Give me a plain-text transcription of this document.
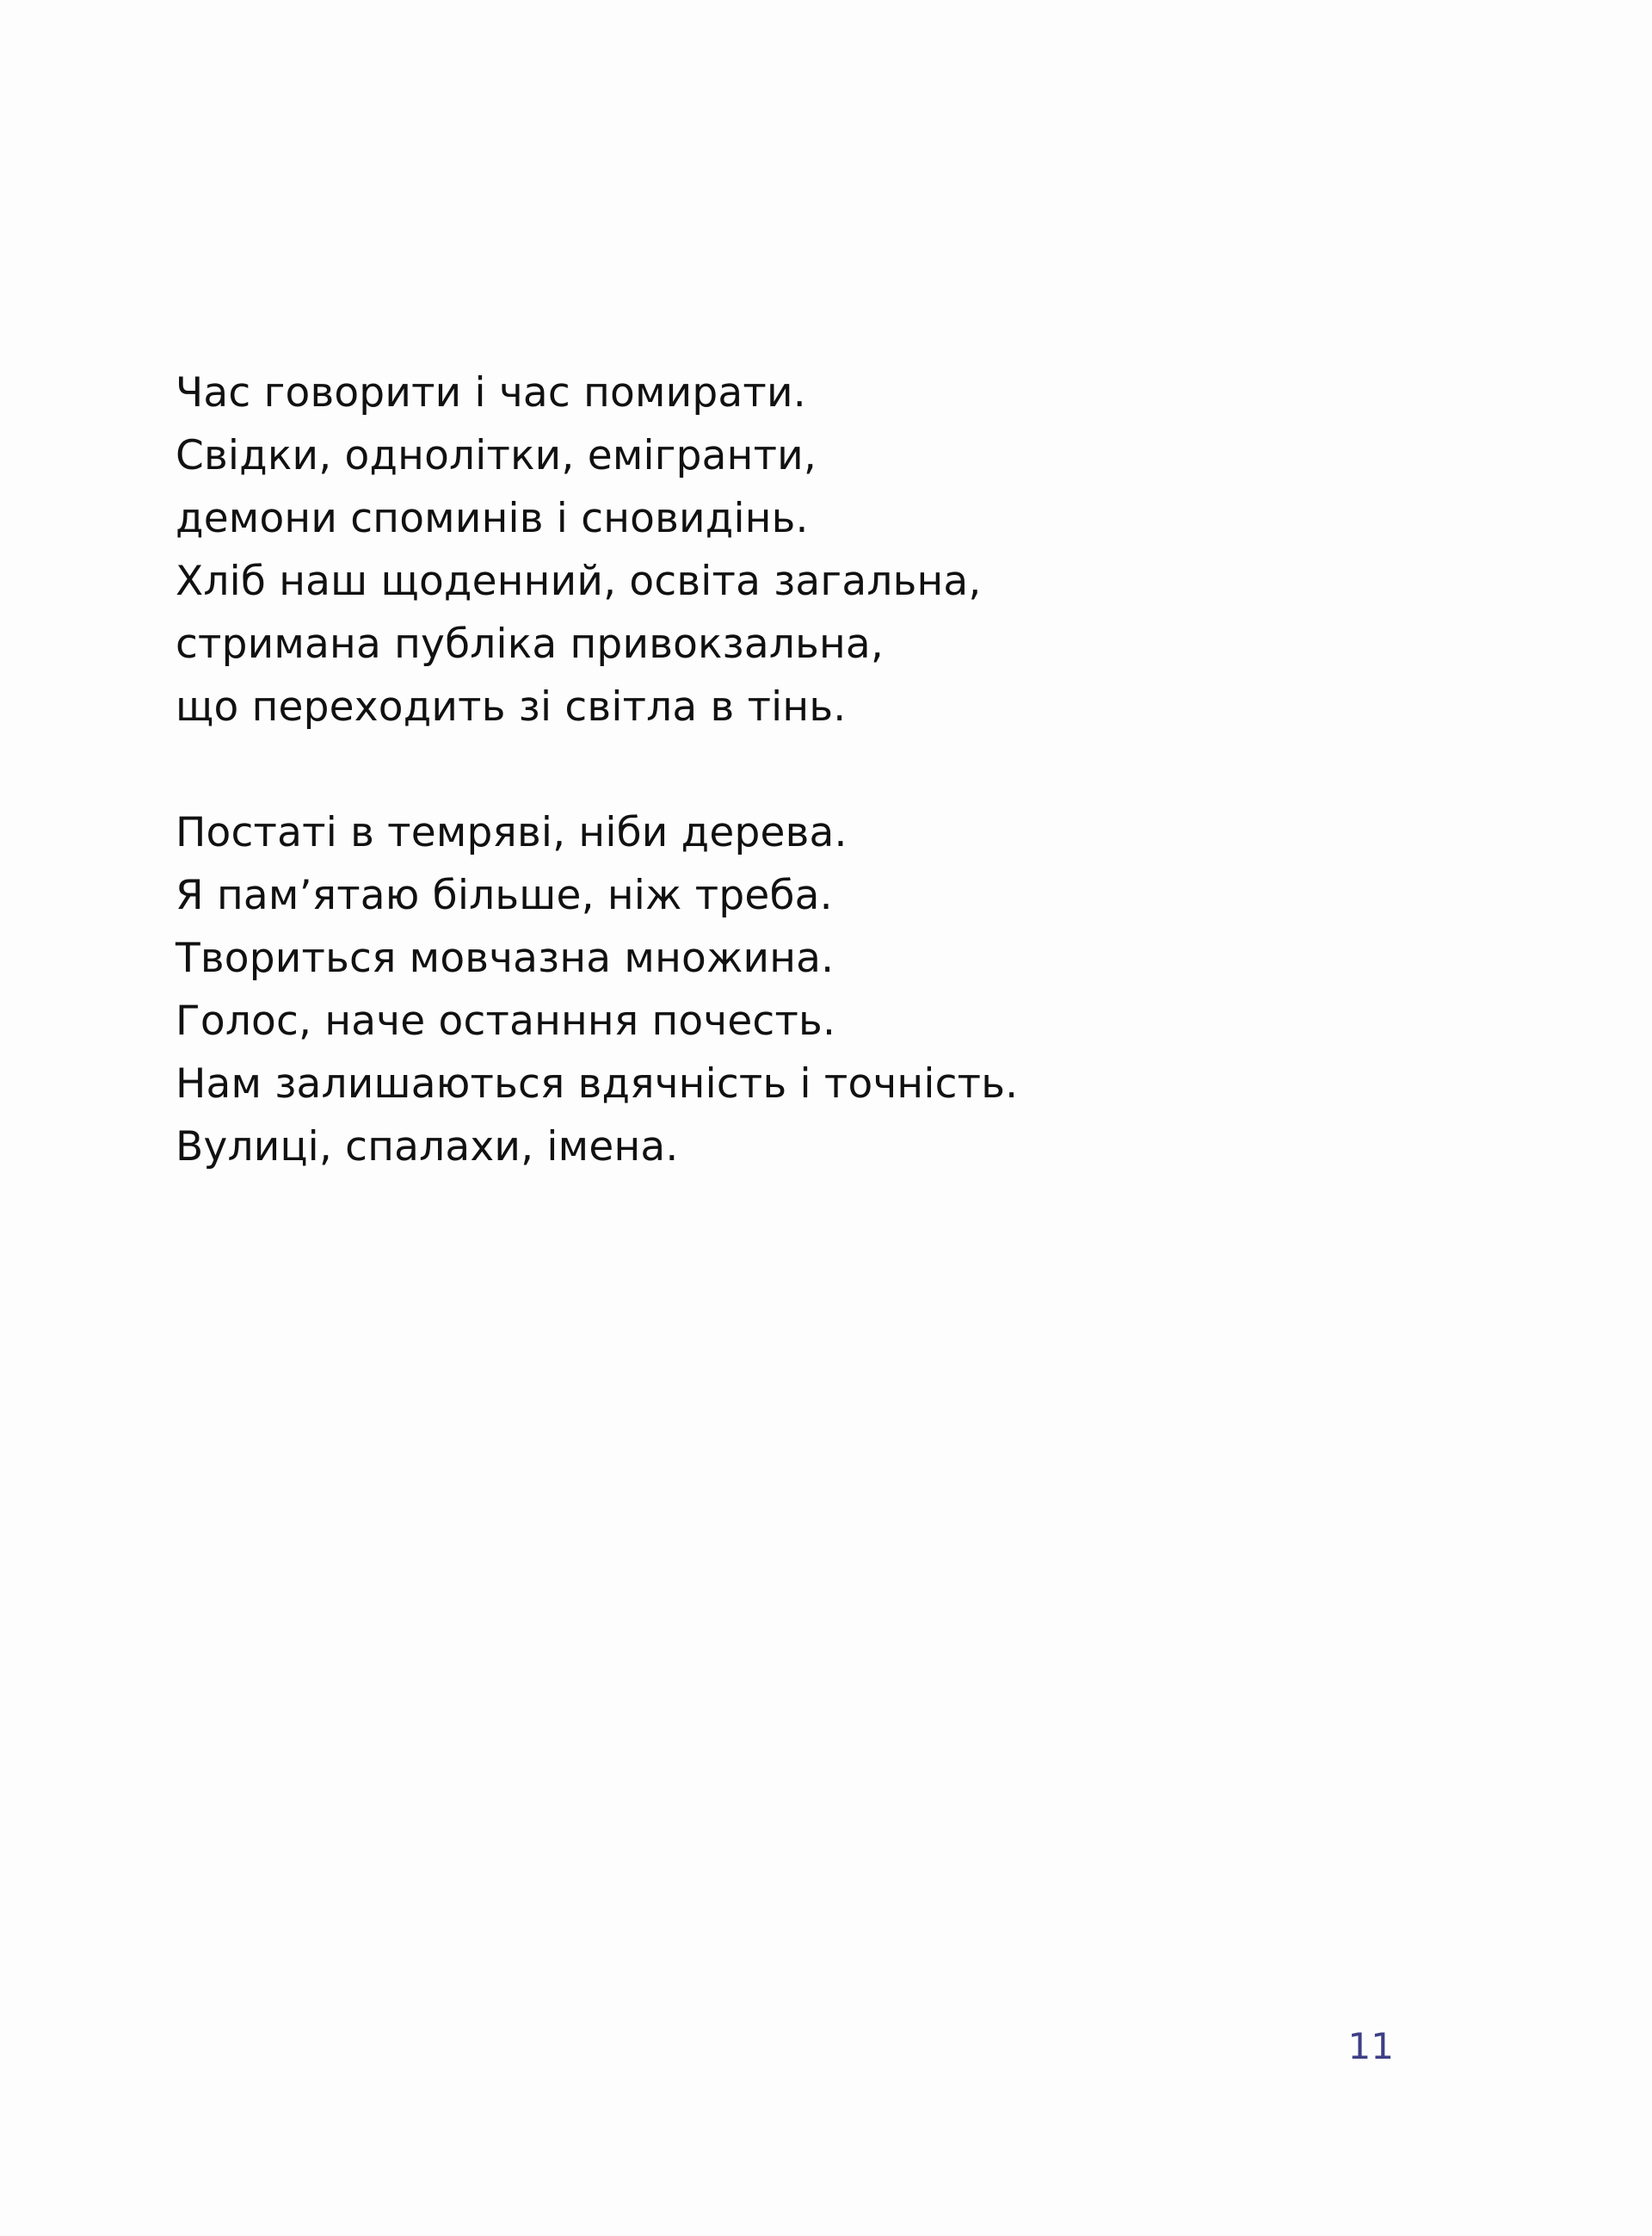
Час говорити і час помирати.
Свідки, однолітки, емігранти,
демони споминів і сновидінь.
Хліб наш щоденний, освіта загальна,
стримана публіка привокзальна,
що переходить зі світла в тінь.
Постаті в темряві, ніби дерева.
Я пам’ятаю більше, ніж треба.
Твориться мовчазна множина.
Голос, наче останння почесть.
Нам залишаються вдячність і точність.
Вулиці, спалахи, імена.
11
